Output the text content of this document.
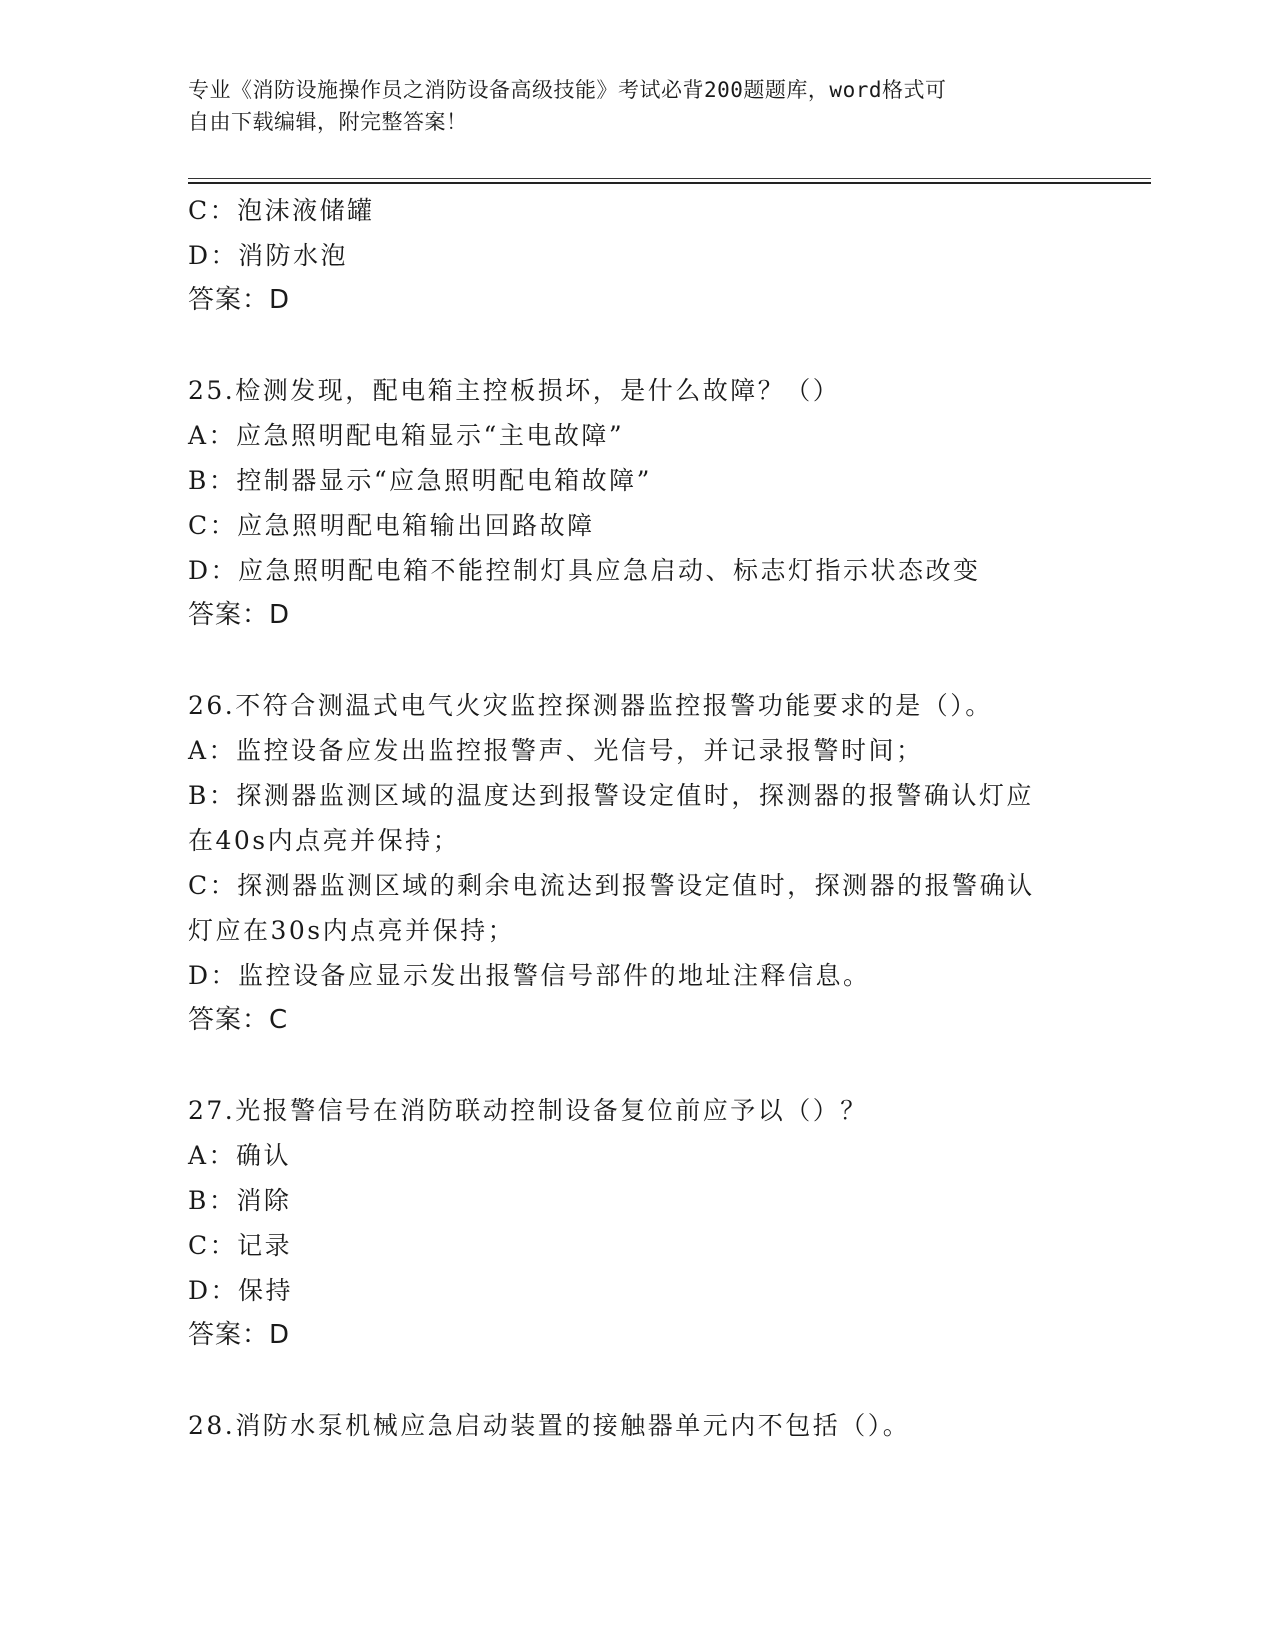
专业《消防设施操作员之消防设备高级技能》考试必背200题题库，word格式可
自由下载编辑，附完整答案！
C：泡沫液储罐
D：消防水泡
答案：D
25.检测发现，配电箱主控板损坏，是什么故障？（）
A：应急照明配电箱显示“主电故障”
B：控制器显示“应急照明配电箱故障”
C：应急照明配电箱输出回路故障
D：应急照明配电箱不能控制灯具应急启动、标志灯指示状态改变
答案：D
26.不符合测温式电气火灾监控探测器监控报警功能要求的是（）。
A：监控设备应发出监控报警声、光信号，并记录报警时间；
B：探测器监测区域的温度达到报警设定值时，探测器的报警确认灯应
在40s内点亮并保持；
C：探测器监测区域的剩余电流达到报警设定值时，探测器的报警确认
灯应在30s内点亮并保持；
D：监控设备应显示发出报警信号部件的地址注释信息。
答案：C
27.光报警信号在消防联动控制设备复位前应予以（）？
A：确认
B：消除
C：记录
D：保持
答案：D
28.消防水泵机械应急启动装置的接触器单元内不包括（）。
